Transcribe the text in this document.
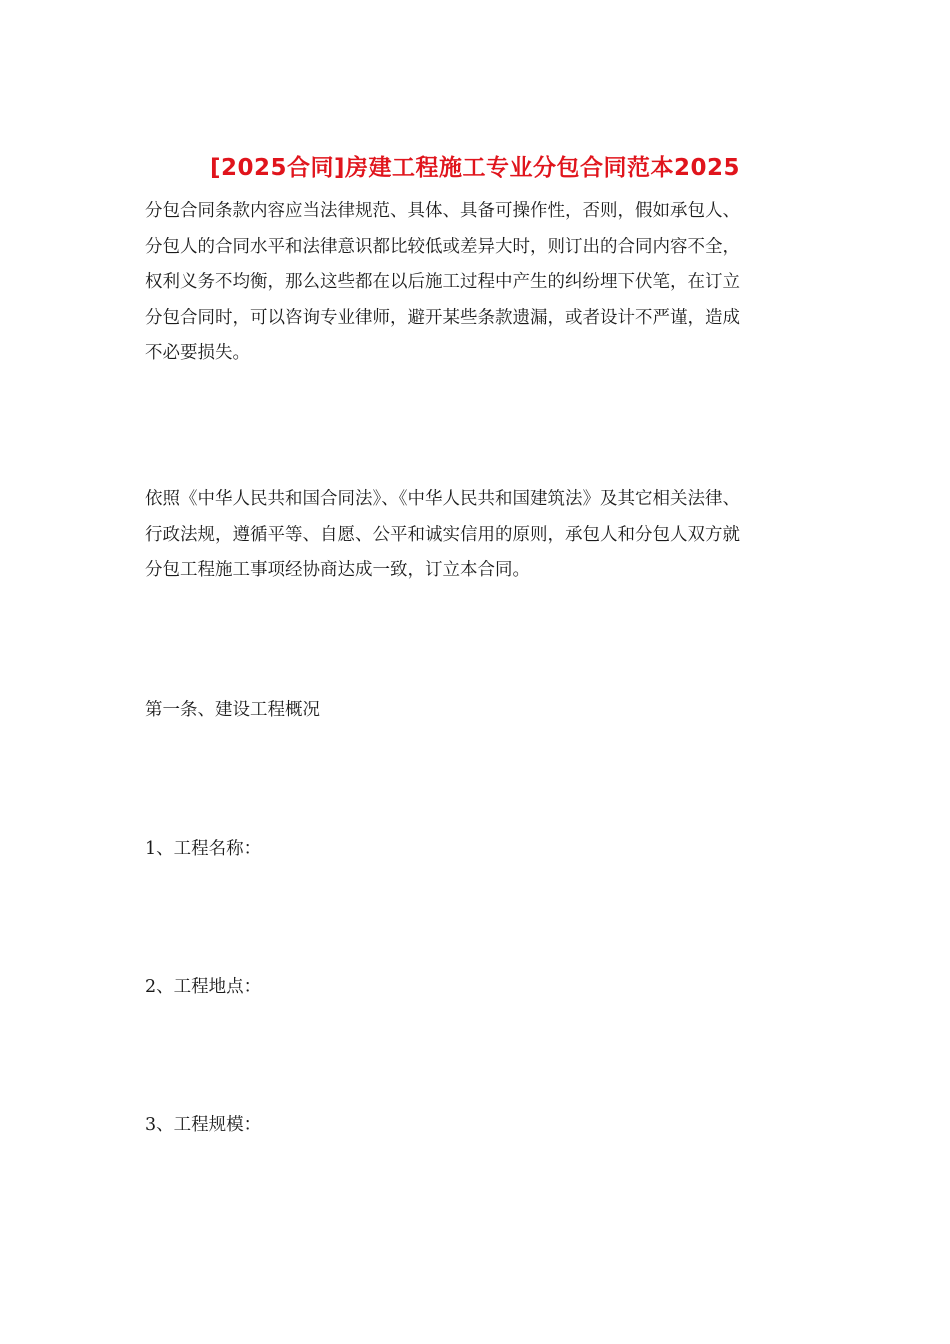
[2025合同]房建工程施工专业分包合同范本2025

分包合同条款内容应当法律规范、具体、具备可操作性，否则，假如承包人、
分包人的合同水平和法律意识都比较低或差异大时，则订出的合同内容不全，
权利义务不均衡，那么这些都在以后施工过程中产生的纠纷埋下伏笔，在订立
分包合同时，可以咨询专业律师，避开某些条款遗漏，或者设计不严谨，造成
不必要损失。

依照《中华人民共和国合同法》、《中华人民共和国建筑法》及其它相关法律、
行政法规，遵循平等、自愿、公平和诚实信用的原则，承包人和分包人双方就
分包工程施工事项经协商达成一致，订立本合同。

第一条、建设工程概况

1、工程名称：

2、工程地点：

3、工程规模：
